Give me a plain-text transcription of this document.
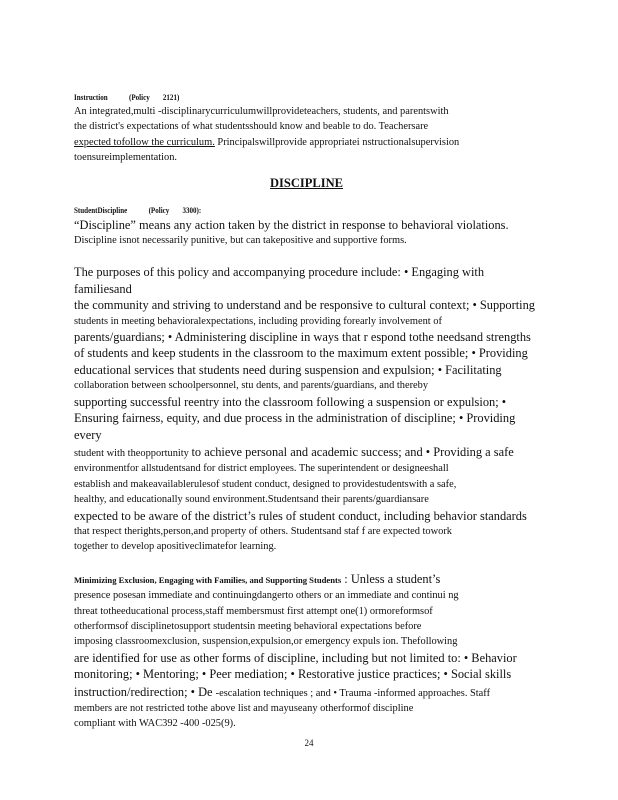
Instruction (Policy 2121)

An integrated,multi -disciplinarycurriculumwillprovideteachers, students, and parentswith

the district's expectations of what studentsshould know and beable to do. Teachersare

expected tofollow the curriculum. Principalswillprovide appropriatei nstructionalsupervision

toensureimplementation.

DISCIPLINE
StudentDiscipline (Policy 3300):

“Discipline” means any action taken by the district in response to behavioral violations.

Discipline isnot necessarily punitive, but can takepositive and supportive forms.

The purposes of this policy and accompanying procedure include: • Engaging with familiesand

the community and striving to understand and be responsive to cultural context; • Supporting

students in meeting behavioralexpectations, including providing forearly involvement of

parents/guardians; • Administering discipline in ways that r espond tothe needsand strengths

of students and keep students in the classroom to the maximum extent possible; • Providing

educational services that students need during suspension and expulsion; • Facilitating

collaboration between schoolpersonnel, stu dents, and parents/guardians, and thereby

supporting successful reentry into the classroom following a suspension or expulsion; •

Ensuring fairness, equity, and due process in the administration of discipline; • Providing every

student with theopportunity to achieve personal and academic success; and • Providing a safe

environmentfor allstudentsand for district employees. The superintendent or designeeshall

establish and makeavailablerulesof student conduct, designed to providestudentswith a safe,

healthy, and educationally sound environment.Studentsand their parents/guardiansare

expected to be aware of the district’s rules of student conduct, including behavior standards

that respect therights,person,and property of others. Studentsand staf f are expected towork

together to develop apositiveclimatefor learning.

Minimizing Exclusion, Engaging with Families, and Supporting Students : Unless a student’s

presence posesan immediate and continuingdangerto others or an immediate and continui ng

threat totheeducational process,staff membersmust first attempt one(1) ormoreformsof

otherformsof disciplinetosupport studentsin meeting behavioral expectations before

imposing classroomexclusion, suspension,expulsion,or emergency expuls ion. Thefollowing

are identified for use as other forms of discipline, including but not limited to: • Behavior

monitoring; • Mentoring; • Peer mediation; • Restorative justice practices; • Social skills

instruction/redirection; • De -escalation techniques ; and • Trauma -informed approaches. Staff

members are not restricted tothe above list and mayuseany otherformof discipline

compliant with WAC392 -400 -025(9).

24
